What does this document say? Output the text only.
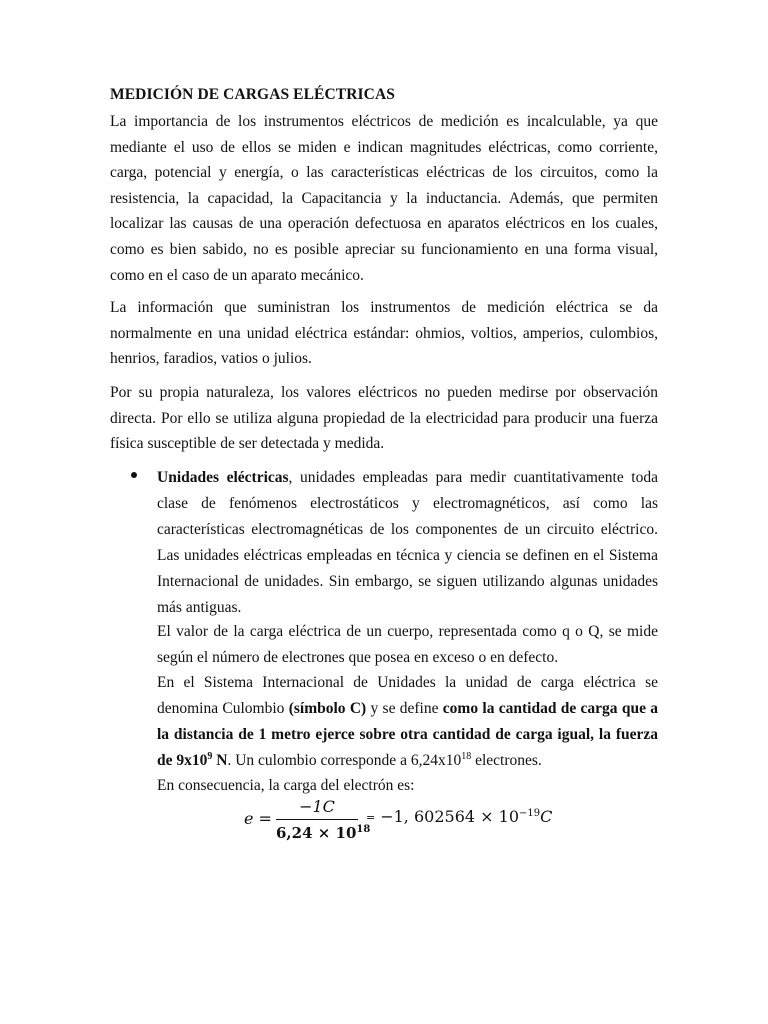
MEDICIÓN DE CARGAS ELÉCTRICAS

La importancia de los instrumentos eléctricos de medición es incalculable, ya que mediante el uso de ellos se miden e indican magnitudes eléctricas, como corriente, carga, potencial y energía, o las características eléctricas de los circuitos, como la resistencia, la capacidad, la Capacitancia y la inductancia. Además, que permiten localizar las causas de una operación defectuosa en aparatos eléctricos en los cuales, como es bien sabido, no es posible apreciar su funcionamiento en una forma visual, como en el caso de un aparato mecánico.

La información que suministran los instrumentos de medición eléctrica se da normalmente en una unidad eléctrica estándar: ohmios, voltios, amperios, culombios, henrios, faradios, vatios o julios.

Por su propia naturaleza, los valores eléctricos no pueden medirse por observación directa. Por ello se utiliza alguna propiedad de la electricidad para producir una fuerza física susceptible de ser detectada y medida.

Unidades eléctricas, unidades empleadas para medir cuantitativamente toda clase de fenómenos electrostáticos y electromagnéticos, así como las características electromagnéticas de los componentes de un circuito eléctrico. Las unidades eléctricas empleadas en técnica y ciencia se definen en el Sistema Internacional de unidades. Sin embargo, se siguen utilizando algunas unidades más antiguas.

El valor de la carga eléctrica de un cuerpo, representada como q o Q, se mide según el número de electrones que posea en exceso o en defecto.

En el Sistema Internacional de Unidades la unidad de carga eléctrica se denomina Culombio (símbolo C) y se define como la cantidad de carga que a la distancia de 1 metro ejerce sobre otra cantidad de carga igual, la fuerza de $9x10^9$ N. Un culombio corresponde a $6,24x10^{18}$ electrones.

En consecuencia, la carga del electrón es:

e =
−1C
$6,24 \times 10^{18}$
= −1, $602564 \times 10^{-19}C$
